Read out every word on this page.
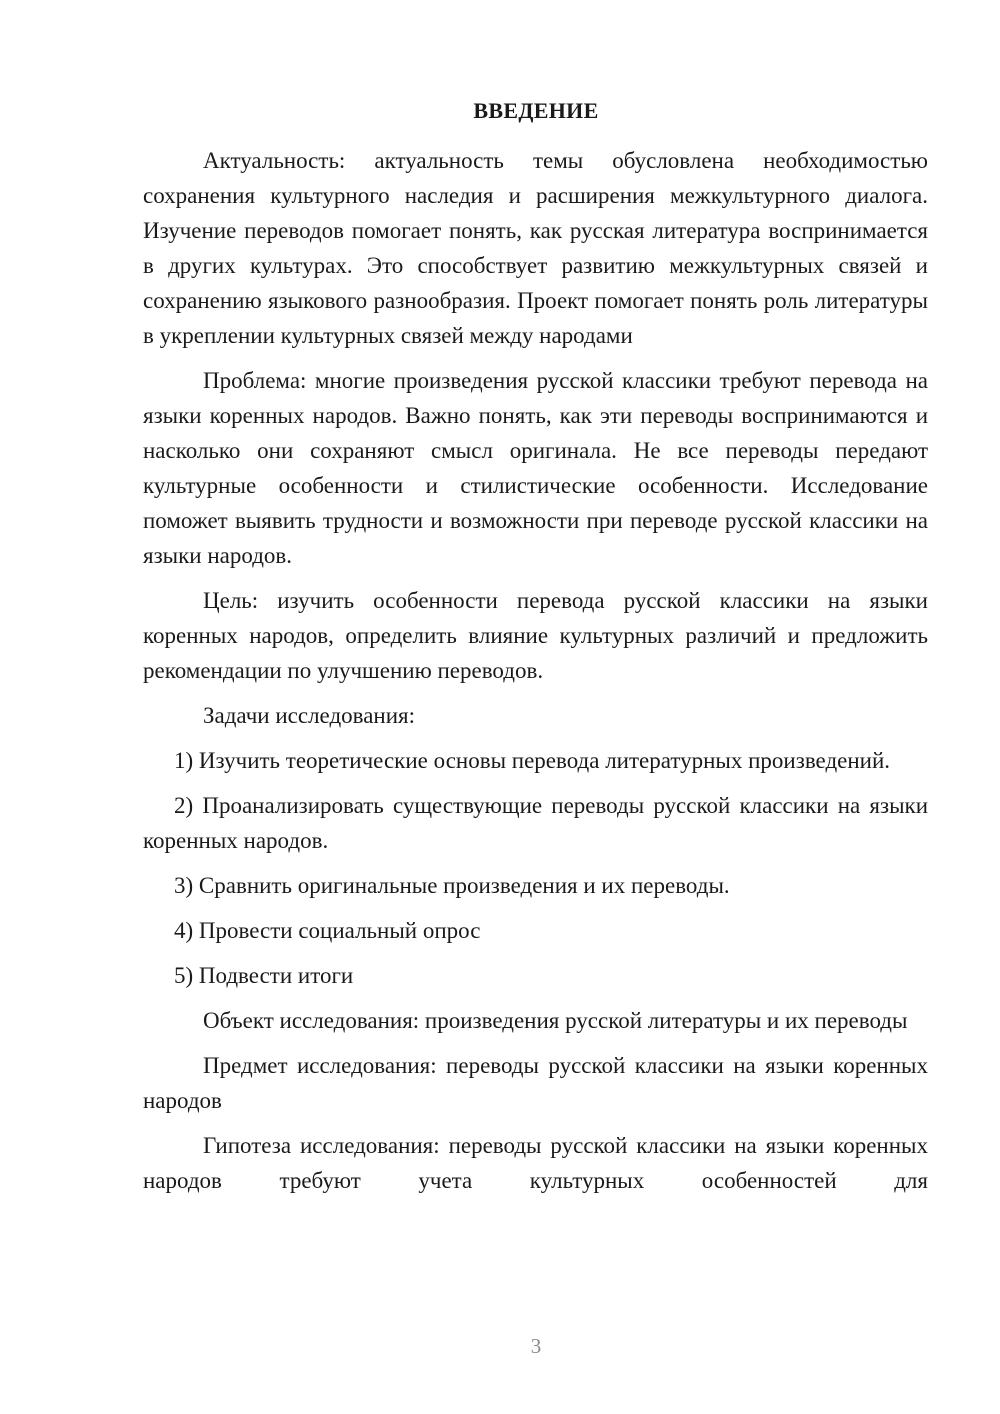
ВВЕДЕНИЕ

Актуальность: актуальность темы обусловлена необходимостью сохранения культурного наследия и расширения межкультурного диалога. Изучение переводов помогает понять, как русская литература воспринимается в других культурах. Это способствует развитию межкультурных связей и сохранению языкового разнообразия. Проект помогает понять роль литературы в укреплении культурных связей между народами

Проблема: многие произведения русской классики требуют перевода на языки коренных народов. Важно понять, как эти переводы воспринимаются и насколько они сохраняют смысл оригинала. Не все переводы передают культурные особенности и стилистические особенности. Исследование поможет выявить трудности и возможности при переводе русской классики на языки народов.

Цель: изучить особенности перевода русской классики на языки коренных народов, определить влияние культурных различий и предложить рекомендации по улучшению переводов.

Задачи исследования:

1) Изучить теоретические основы перевода литературных произведений.

2) Проанализировать существующие переводы русской классики на языки коренных народов.

3) Сравнить оригинальные произведения и их переводы.

4) Провести социальный опрос

5) Подвести итоги

Объект исследования: произведения русской литературы и их переводы

Предмет исследования: переводы русской классики на языки коренных народов

Гипотеза исследования: переводы русской классики на языки коренных народов требуют учета культурных особенностей для

3
